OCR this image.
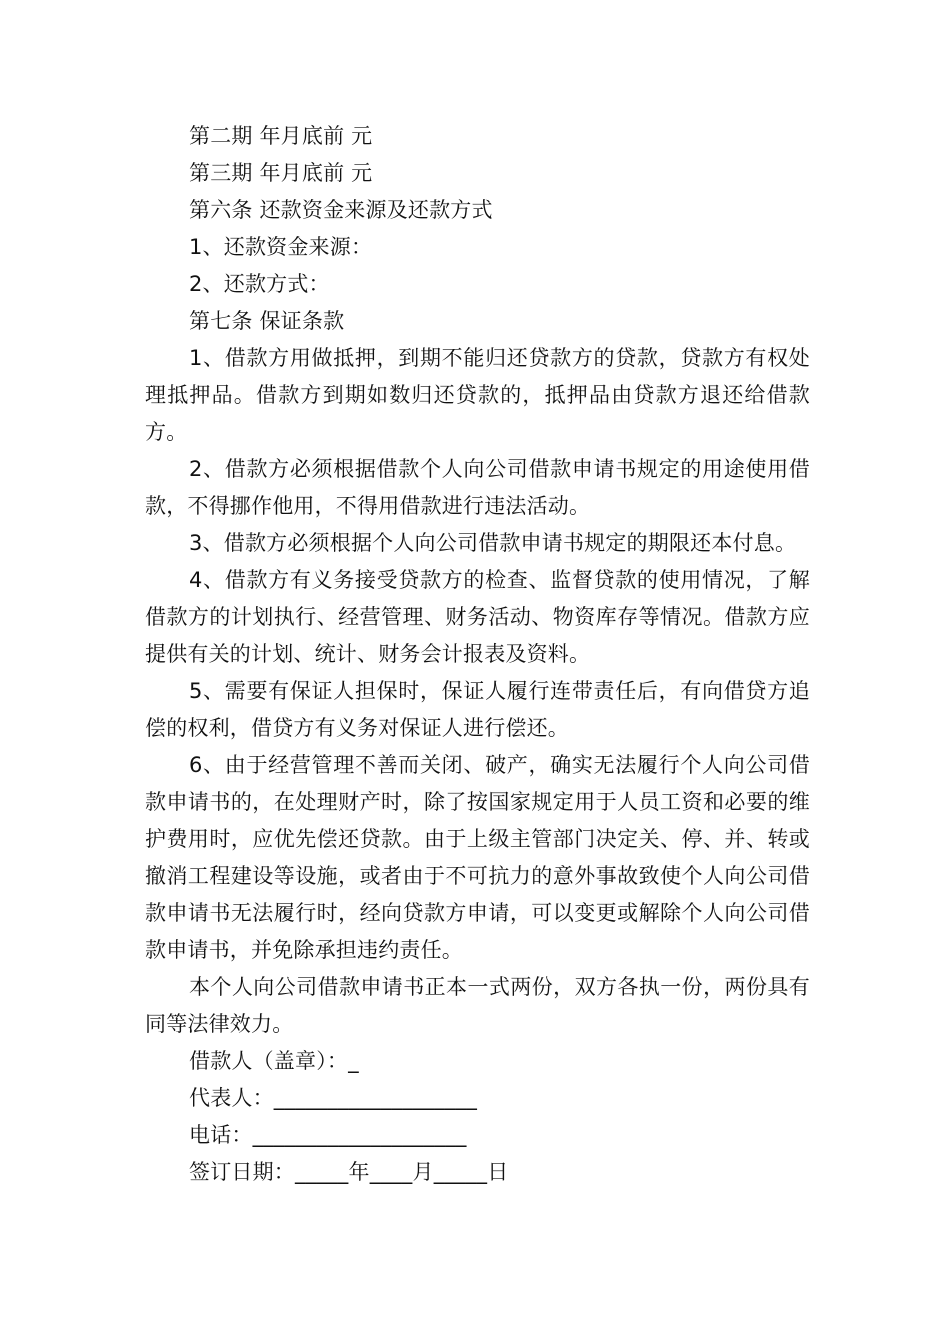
第二期 年月底前 元
第三期 年月底前 元
第六条 还款资金来源及还款方式
1、还款资金来源：
2、还款方式：
第七条 保证条款

1、借款方用做抵押，到期不能归还贷款方的贷款，贷款方有权处理抵押品。借款方到期如数归还贷款的，抵押品由贷款方退还给借款方。

2、借款方必须根据借款个人向公司借款申请书规定的用途使用借款，不得挪作他用，不得用借款进行违法活动。

3、借款方必须根据个人向公司借款申请书规定的期限还本付息。

4、借款方有义务接受贷款方的检查、监督贷款的使用情况，了解借款方的计划执行、经营管理、财务活动、物资库存等情况。借款方应提供有关的计划、统计、财务会计报表及资料。

5、需要有保证人担保时，保证人履行连带责任后，有向借贷方追偿的权利，借贷方有义务对保证人进行偿还。

6、由于经营管理不善而关闭、破产，确实无法履行个人向公司借款申请书的，在处理财产时，除了按国家规定用于人员工资和必要的维护费用时，应优先偿还贷款。由于上级主管部门决定关、停、并、转或撤消工程建设等设施，或者由于不可抗力的意外事故致使个人向公司借款申请书无法履行时，经向贷款方申请，可以变更或解除个人向公司借款申请书，并免除承担违约责任。

本个人向公司借款申请书正本一式两份，双方各执一份，两份具有同等法律效力。

借款人（盖章）：_
代表人：___________________
电话：____________________
签订日期：_____年____月_____日
